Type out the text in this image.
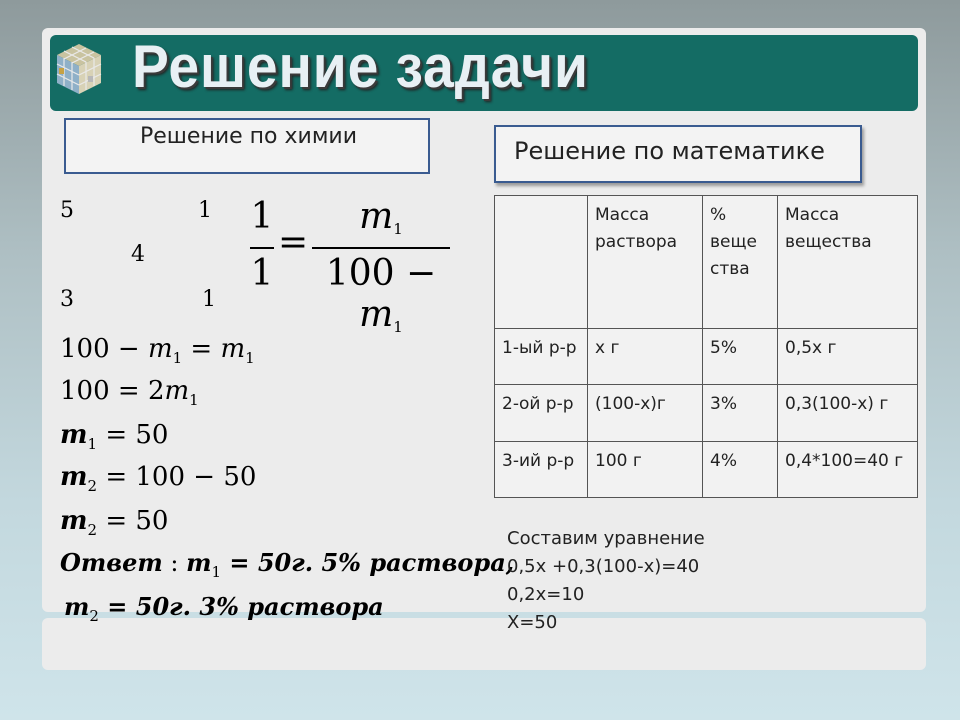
Решение задачи
Решение по химии
Решение по математике
5	1
4
3	1
1
1
=
$m_1$
$100 - m_1$
$100 - m_1 = m_1$
$100 = 2m_1$
$m_1 = 50$
$m_2 = 100 - 50$
$m_2 = 50$
Ответ : $m_1 = 50г$. 5% раствора,
$m_2 = 50г$. 3% раствора
	Масса раствора	% веще ства	Масса вещества
1-ый р-р	х г	5%	0,5х г
2-ой р-р	(100-х)г	3%	0,3(100-х) г
3-ий р-р	100 г	4%	0,4*100=40 г
Составим уравнение
0,5х +0,3(100-х)=40
0,2х=10
Х=50
